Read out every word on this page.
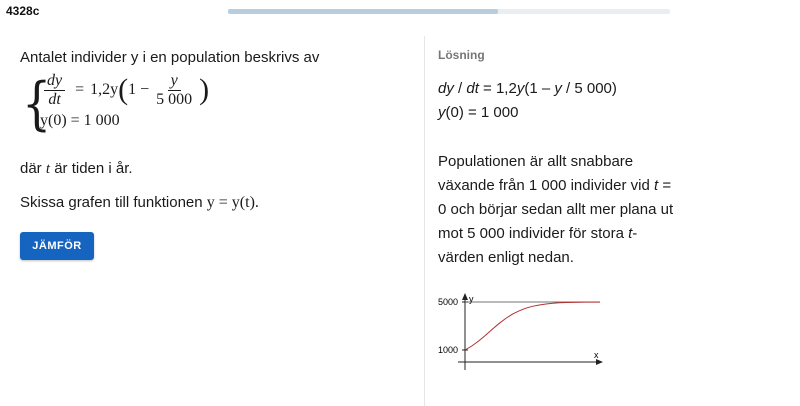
4328c

Antalet individer y i en population beskrivs av

{
$\frac{dy}{dt} = 1,2y$ ( $1 - \frac{y}{5 000}$ )
y(0) = 1 000

där t är tiden i år.

Skissa grafen till funktionen y = y(t).

JÄMFÖR

Lösning

dy / dt = 1,2y(1 – y / 5 000)
y(0) = 1 000

Populationen är allt snabbare växande från 1 000 individer vid t = 0 och börjar sedan allt mer plana ut mot 5 000 individer för stora t-värden enligt nedan.

y
x
5000
1000
